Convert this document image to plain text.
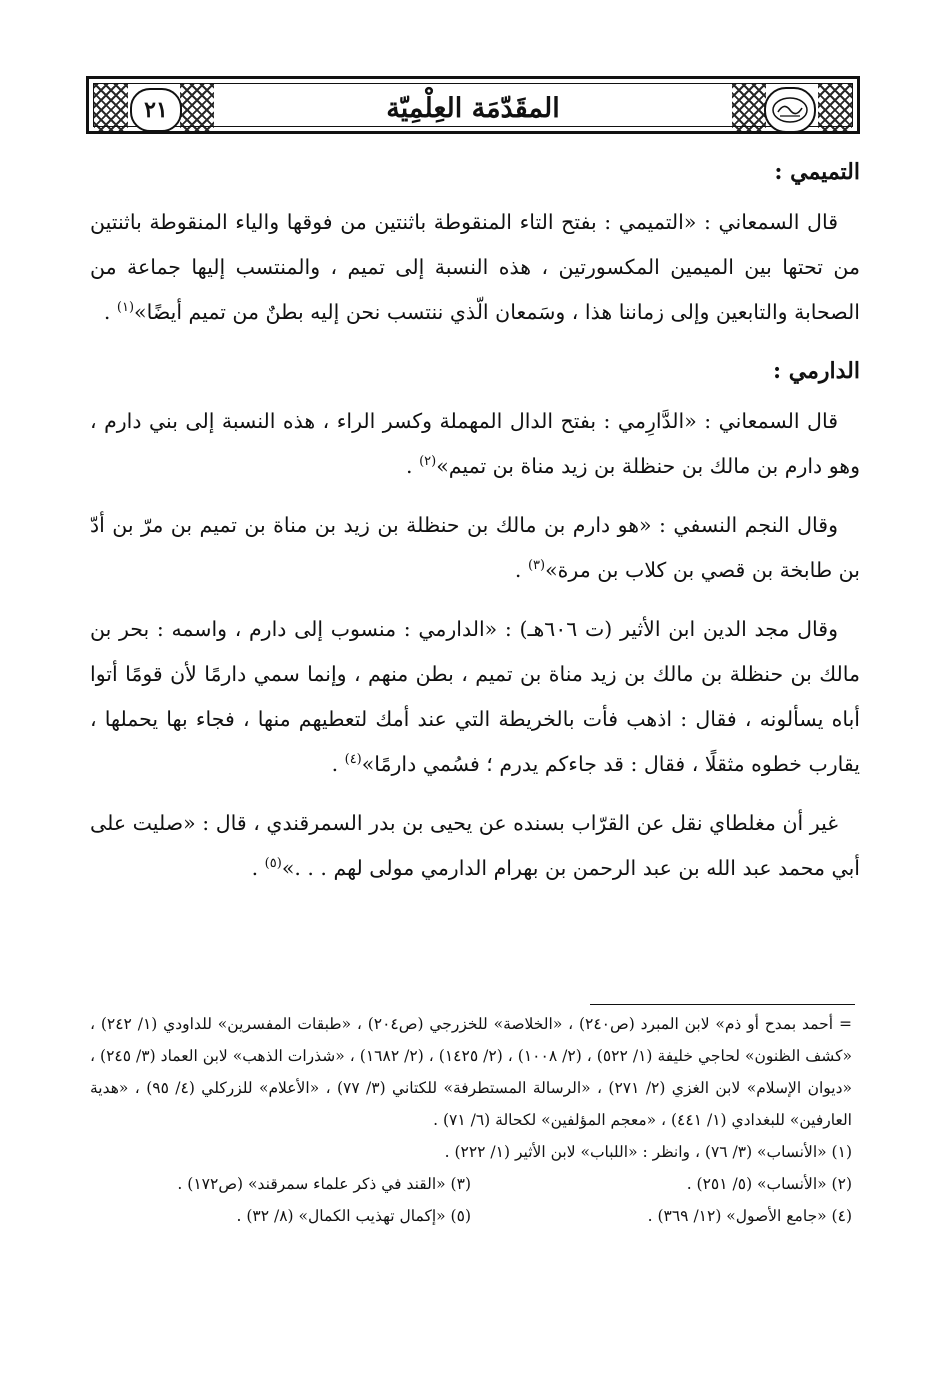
٢١	المقَدّمَة العِلْمِيّة
التميمي :

قال السمعاني : «التميمي : بفتح التاء المنقوطة باثنتين من فوقها والياء المنقوطة باثنتين من تحتها بين الميمين المكسورتين ، هذه النسبة إلى تميم ، والمنتسب إليها جماعة من الصحابة والتابعين وإلى زماننا هذا ، وسَمعان الّذي ننتسب نحن إليه بطنٌ من تميم أيضًا»$^{(١)}$ .

الدارمي :

قال السمعاني : «الدَّارِمي : بفتح الدال المهملة وكسر الراء ، هذه النسبة إلى بني دارم ، وهو دارم بن مالك بن حنظلة بن زيد مناة بن تميم»$^{(٢)}$ .

وقال النجم النسفي : «هو دارم بن مالك بن حنظلة بن زيد بن مناة بن تميم بن مرّ بن أدّ بن طابخة بن قصي بن كلاب بن مرة»$^{(٣)}$ .

وقال مجد الدين ابن الأثير (ت ٦٠٦هـ) : «الدارمي : منسوب إلى دارم ، واسمه : بحر بن مالك بن حنظلة بن مالك بن زيد مناة بن تميم ، بطن منهم ، وإنما سمي دارمًا لأن قومًا أتوا أباه يسألونه ، فقال : اذهب فأت بالخريطة التي عند أمك لتعطيهم منها ، فجاء بها يحملها ، يقارب خطوه مثقلًا ، فقال : قد جاءكم يدرم ؛ فسُمي دارمًا»$^{(٤)}$ .

غير أن مغلطاي نقل عن القرّاب بسنده عن يحيى بن بدر السمرقندي ، قال : «صليت على أبي محمد عبد الله بن عبد الرحمن بن بهرام الدارمي مولى لهم . . .»$^{(٥)}$ .

=أحمد بمدح أو ذم» لابن المبرد (ص٢٤٠) ، «الخلاصة» للخزرجي (ص٢٠٤) ، «طبقات المفسرين» للداودي (١/ ٢٤٢) ، «كشف الظنون» لحاجي خليفة (١/ ٥٢٢) ، (٢/ ١٠٠٨) ، (٢/ ١٤٢٥) ، (٢/ ١٦٨٢) ، «شذرات الذهب» لابن العماد (٣/ ٢٤٥) ، «ديوان الإسلام» لابن الغزي (٢/ ٢٧١) ، «الرسالة المستطرفة» للكتاني (٣/ ٧٧) ، «الأعلام» للزركلي (٤/ ٩٥) ، «هدية العارفين» للبغدادي (١/ ٤٤١) ، «معجم المؤلفين» لكحالة (٦/ ٧١) .

(١) «الأنساب» (٣/ ٧٦) ، وانظر : «اللباب» لابن الأثير (١/ ٢٢٢) .

(٢) «الأنساب» (٥/ ٢٥١) .

(٣) «القند في ذكر علماء سمرقند» (ص١٧٢) .

(٤) «جامع الأصول» (١٢/ ٣٦٩) .

(٥) «إكمال تهذيب الكمال» (٨/ ٣٢) .
